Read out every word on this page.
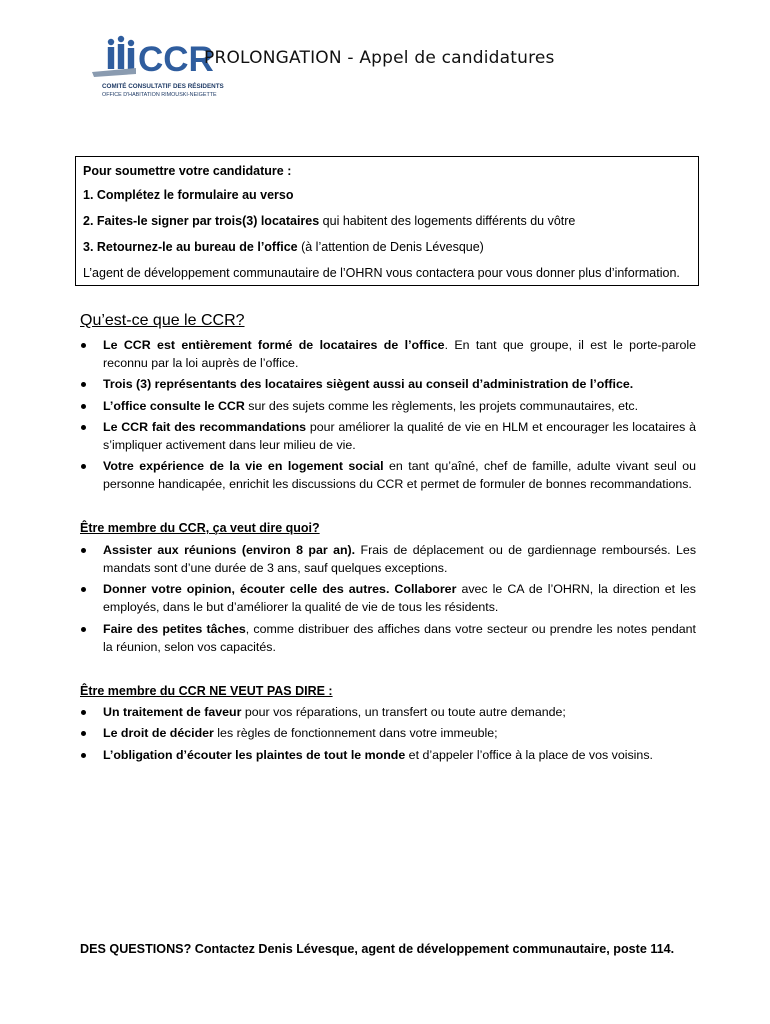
CCR
COMITÉ CONSULTATIF DES RÉSIDENTS
OFFICE D'HABITATION RIMOUSKI-NEIGETTE
PROLONGATION - Appel de candidatures
Pour soumettre votre candidature :
1. Complétez le formulaire au verso
2. Faites-le signer par trois(3) locataires qui habitent des logements différents du vôtre
3. Retournez-le au bureau de l’office (à l’attention de Denis Lévesque)
L’agent de développement communautaire de l’OHRN vous contactera pour vous donner plus d’information.
Qu’est-ce que le CCR?
Le CCR est entièrement formé de locataires de l’office. En tant que groupe, il est le porte-parole reconnu par la loi auprès de l’office.
Trois (3) représentants des locataires siègent aussi au conseil d’administration de l’office.
L’office consulte le CCR sur des sujets comme les règlements, les projets communautaires, etc.
Le CCR fait des recommandations pour améliorer la qualité de vie en HLM et encourager les locataires à s’impliquer activement dans leur milieu de vie.
Votre expérience de la vie en logement social en tant qu’aîné, chef de famille, adulte vivant seul ou personne handicapée, enrichit les discussions du CCR et permet de formuler de bonnes recommandations.
Être membre du CCR, ça veut dire quoi?
Assister aux réunions (environ 8 par an). Frais de déplacement ou de gardiennage remboursés. Les mandats sont d’une durée de 3 ans, sauf quelques exceptions.
Donner votre opinion, écouter celle des autres. Collaborer avec le CA de l’OHRN, la direction et les employés, dans le but d’améliorer la qualité de vie de tous les résidents.
Faire des petites tâches, comme distribuer des affiches dans votre secteur ou prendre les notes pendant la réunion, selon vos capacités.
Être membre du CCR NE VEUT PAS DIRE :
Un traitement de faveur pour vos réparations, un transfert ou toute autre demande;
Le droit de décider les règles de fonctionnement dans votre immeuble;
L’obligation d’écouter les plaintes de tout le monde et d’appeler l’office à la place de vos voisins.
DES QUESTIONS? Contactez Denis Lévesque, agent de développement communautaire, poste 114.
